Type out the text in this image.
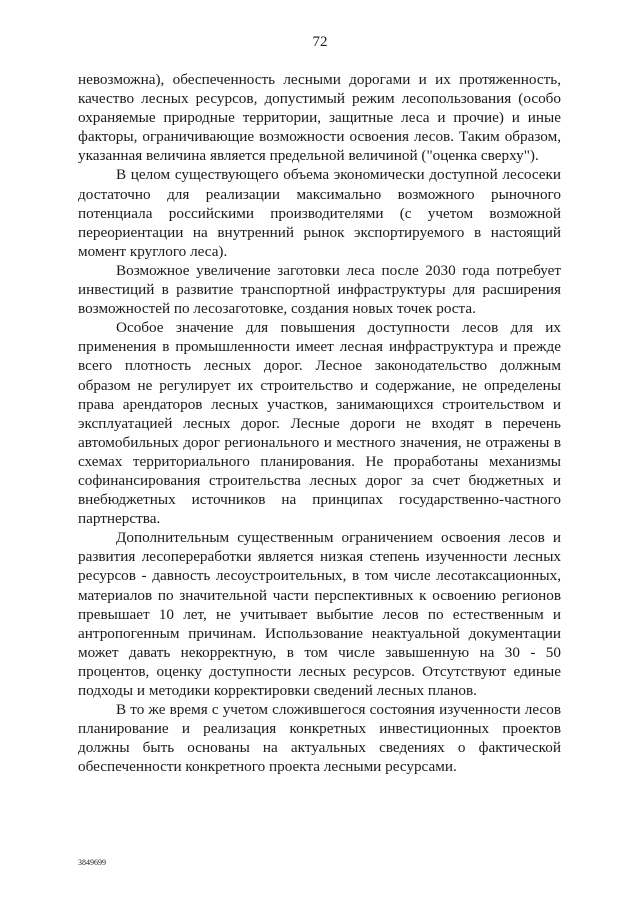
72

невозможна), обеспеченность лесными дорогами и их протяженность, качество лесных ресурсов, допустимый режим лесопользования (особо охраняемые природные территории, защитные леса и прочие) и иные факторы, ограничивающие возможности освоения лесов. Таким образом, указанная величина является предельной величиной ("оценка сверху").

В целом существующего объема экономически доступной лесосеки достаточно для реализации максимально возможного рыночного потенциала российскими производителями (с учетом возможной переориентации на внутренний рынок экспортируемого в настоящий момент круглого леса).

Возможное увеличение заготовки леса после 2030 года потребует инвестиций в развитие транспортной инфраструктуры для расширения возможностей по лесозаготовке, создания новых точек роста.

Особое значение для повышения доступности лесов для их применения в промышленности имеет лесная инфраструктура и прежде всего плотность лесных дорог. Лесное законодательство должным образом не регулирует их строительство и содержание, не определены права арендаторов лесных участков, занимающихся строительством и эксплуатацией лесных дорог. Лесные дороги не входят в перечень автомобильных дорог регионального и местного значения, не отражены в схемах территориального планирования. Не проработаны механизмы софинансирования строительства лесных дорог за счет бюджетных и внебюджетных источников на принципах государственно-частного партнерства.

Дополнительным существенным ограничением освоения лесов и развития лесопереработки является низкая степень изученности лесных ресурсов - давность лесоустроительных, в том числе лесотаксационных, материалов по значительной части перспективных к освоению регионов превышает 10 лет, не учитывает выбытие лесов по естественным и антропогенным причинам. Использование неактуальной документации может давать некорректную, в том числе завышенную на 30 - 50 процентов, оценку доступности лесных ресурсов. Отсутствуют единые подходы и методики корректировки сведений лесных планов.

В то же время с учетом сложившегося состояния изученности лесов планирование и реализация конкретных инвестиционных проектов должны быть основаны на актуальных сведениях о фактической обеспеченности конкретного проекта лесными ресурсами.

3849699
